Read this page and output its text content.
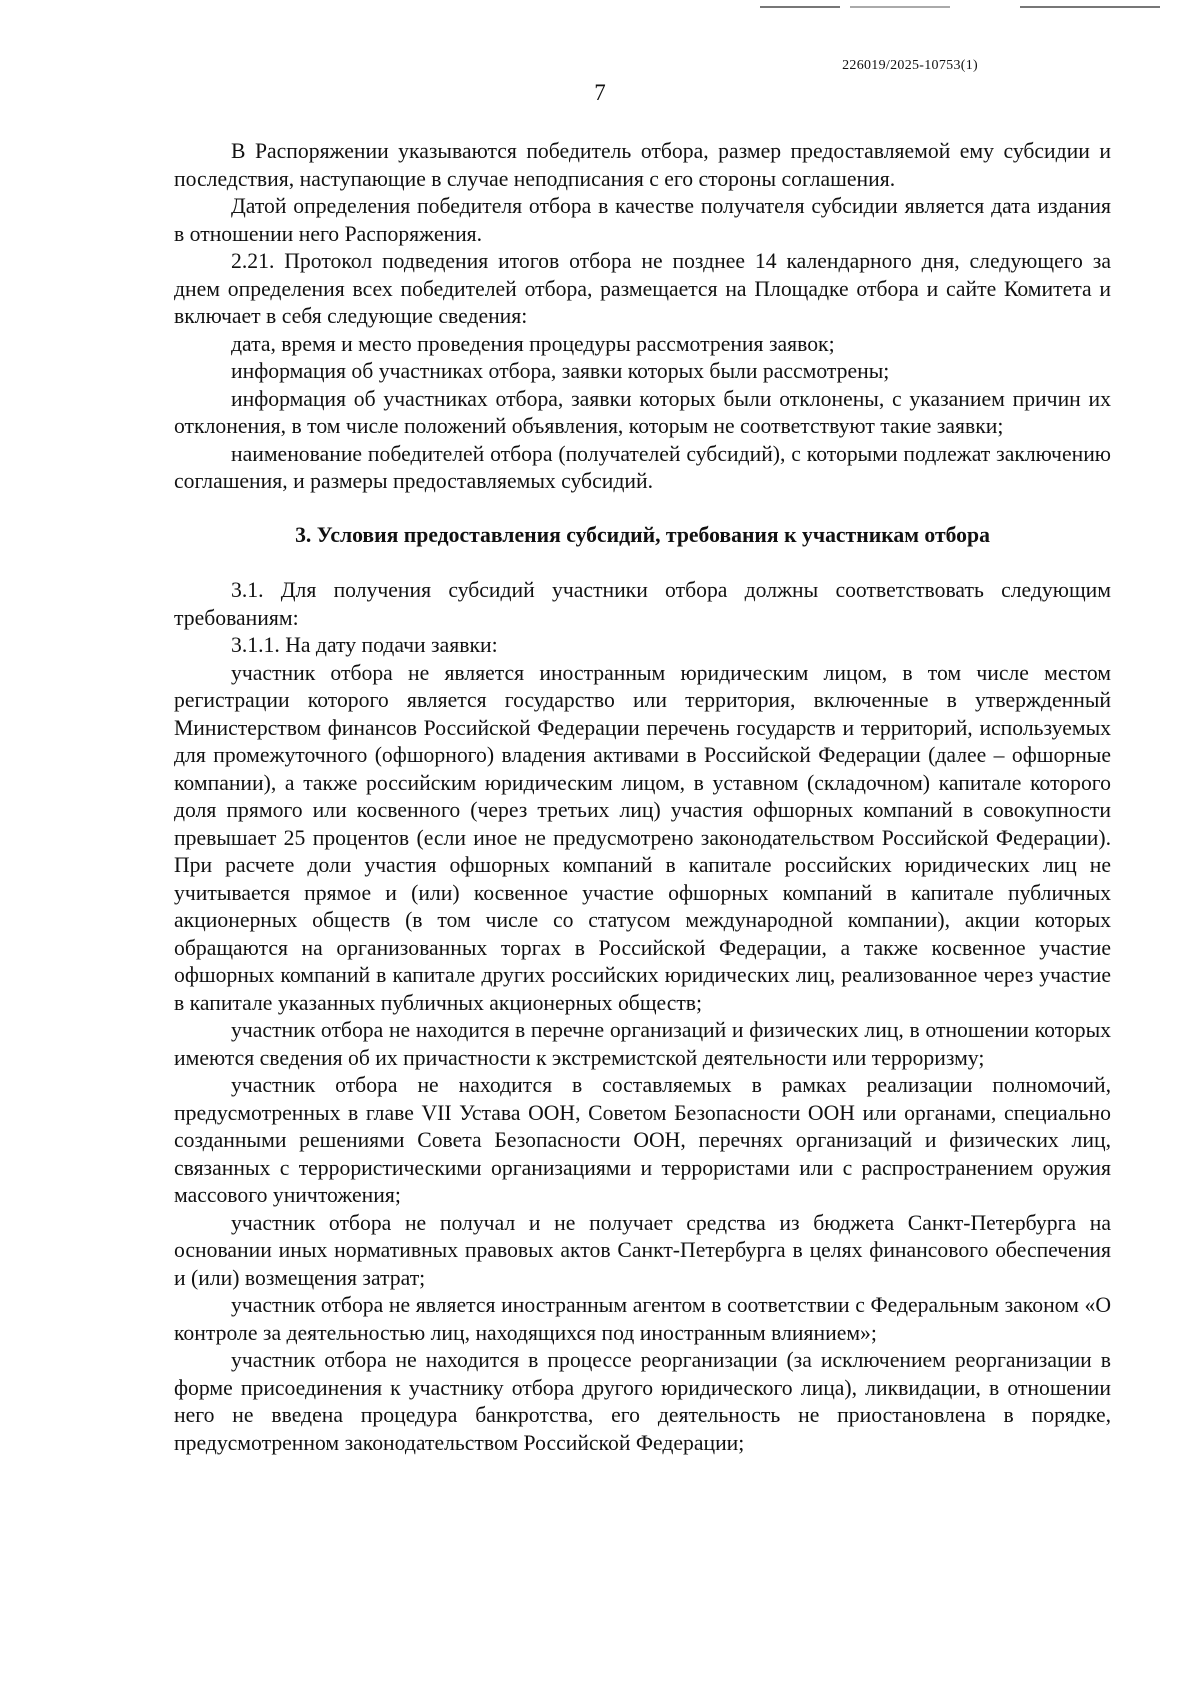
226019/2025-10753(1)
7

В Распоряжении указываются победитель отбора, размер предоставляемой ему субсидии и последствия, наступающие в случае неподписания с его стороны соглашения.

Датой определения победителя отбора в качестве получателя субсидии является дата издания в отношении него Распоряжения.

2.21. Протокол подведения итогов отбора не позднее 14 календарного дня, следующего за днем определения всех победителей отбора, размещается на Площадке отбора и сайте Комитета и включает в себя следующие сведения:

дата, время и место проведения процедуры рассмотрения заявок;

информация об участниках отбора, заявки которых были рассмотрены;

информация об участниках отбора, заявки которых были отклонены, с указанием причин их отклонения, в том числе положений объявления, которым не соответствуют такие заявки;

наименование победителей отбора (получателей субсидий), с которыми подлежат заключению соглашения, и размеры предоставляемых субсидий.

3. Условия предоставления субсидий, требования к участникам отбора

3.1. Для получения субсидий участники отбора должны соответствовать следующим требованиям:

3.1.1. На дату подачи заявки:

участник отбора не является иностранным юридическим лицом, в том числе местом регистрации которого является государство или территория, включенные в утвержденный Министерством финансов Российской Федерации перечень государств и территорий, используемых для промежуточного (офшорного) владения активами в Российской Федерации (далее – офшорные компании), а также российским юридическим лицом, в уставном (складочном) капитале которого доля прямого или косвенного (через третьих лиц) участия офшорных компаний в совокупности превышает 25 процентов (если иное не предусмотрено законодательством Российской Федерации). При расчете доли участия офшорных компаний в капитале российских юридических лиц не учитывается прямое и (или) косвенное участие офшорных компаний в капитале публичных акционерных обществ (в том числе со статусом международной компании), акции которых обращаются на организованных торгах в Российской Федерации, а также косвенное участие офшорных компаний в капитале других российских юридических лиц, реализованное через участие в капитале указанных публичных акционерных обществ;

участник отбора не находится в перечне организаций и физических лиц, в отношении которых имеются сведения об их причастности к экстремистской деятельности или терроризму;

участник отбора не находится в составляемых в рамках реализации полномочий, предусмотренных в главе VII Устава ООН, Советом Безопасности ООН или органами, специально созданными решениями Совета Безопасности ООН, перечнях организаций и физических лиц, связанных с террористическими организациями и террористами или с распространением оружия массового уничтожения;

участник отбора не получал и не получает средства из бюджета Санкт-Петербурга на основании иных нормативных правовых актов Санкт-Петербурга в целях финансового обеспечения и (или) возмещения затрат;

участник отбора не является иностранным агентом в соответствии с Федеральным законом «О контроле за деятельностью лиц, находящихся под иностранным влиянием»;

участник отбора не находится в процессе реорганизации (за исключением реорганизации в форме присоединения к участнику отбора другого юридического лица), ликвидации, в отношении него не введена процедура банкротства, его деятельность не приостановлена в порядке, предусмотренном законодательством Российской Федерации;
